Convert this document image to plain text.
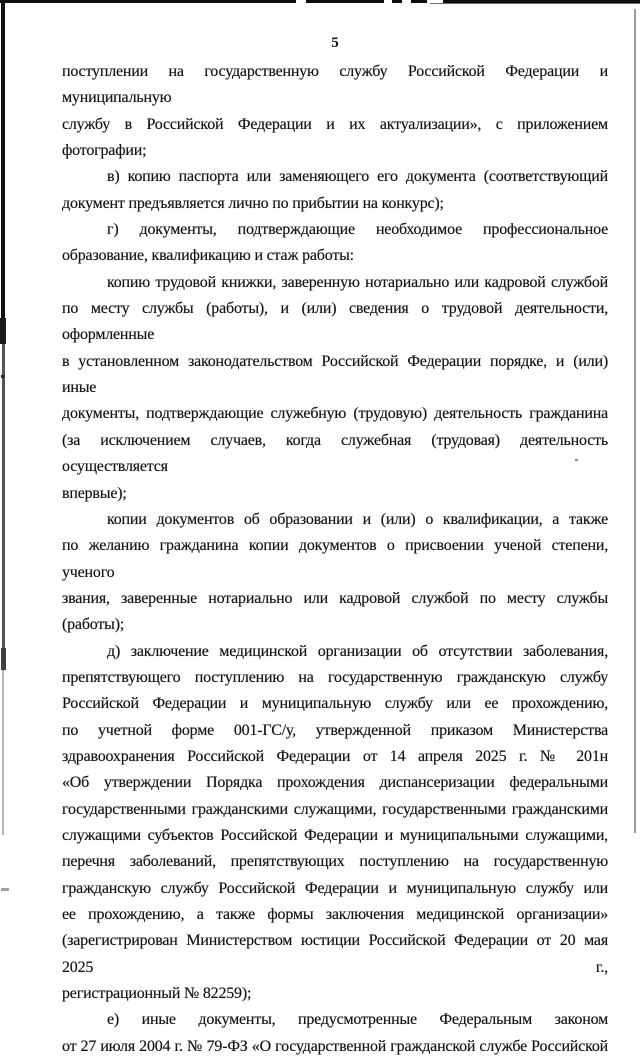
5
поступлении на государственную службу Российской Федерации и муниципальную
службу в Российской Федерации и их актуализации», с приложением фотографии;
в) копию паспорта или заменяющего его документа (соответствующий
документ предъявляется лично по прибытии на конкурс);
г) документы, подтверждающие необходимое профессиональное
образование, квалификацию и стаж работы:
копию трудовой книжки, заверенную нотариально или кадровой службой
по месту службы (работы), и (или) сведения о трудовой деятельности, оформленные
в установленном законодательством Российской Федерации порядке, и (или) иные
документы, подтверждающие служебную (трудовую) деятельность гражданина
(за исключением случаев, когда служебная (трудовая) деятельность осуществляется
впервые);
копии документов об образовании и (или) о квалификации, а также
по желанию гражданина копии документов о присвоении ученой степени, ученого
звания, заверенные нотариально или кадровой службой по месту службы (работы);
д) заключение медицинской организации об отсутствии заболевания,
препятствующего поступлению на государственную гражданскую службу
Российской Федерации и муниципальную службу или ее прохождению,
по учетной форме 001-ГС/у, утвержденной приказом Министерства
здравоохранения Российской Федерации от 14 апреля 2025 г. № 201н
«Об утверждении Порядка прохождения диспансеризации федеральными
государственными гражданскими служащими, государственными гражданскими
служащими субъектов Российской Федерации и муниципальными служащими,
перечня заболеваний, препятствующих поступлению на государственную
гражданскую службу Российской Федерации и муниципальную службу или
ее прохождению, а также формы заключения медицинской организации»
(зарегистрирован Министерством юстиции Российской Федерации от 20 мая 2025 г.,
регистрационный № 82259);
е) иные документы, предусмотренные Федеральным законом
от 27 июля 2004 г. № 79-ФЗ «О государственной гражданской службе Российской
